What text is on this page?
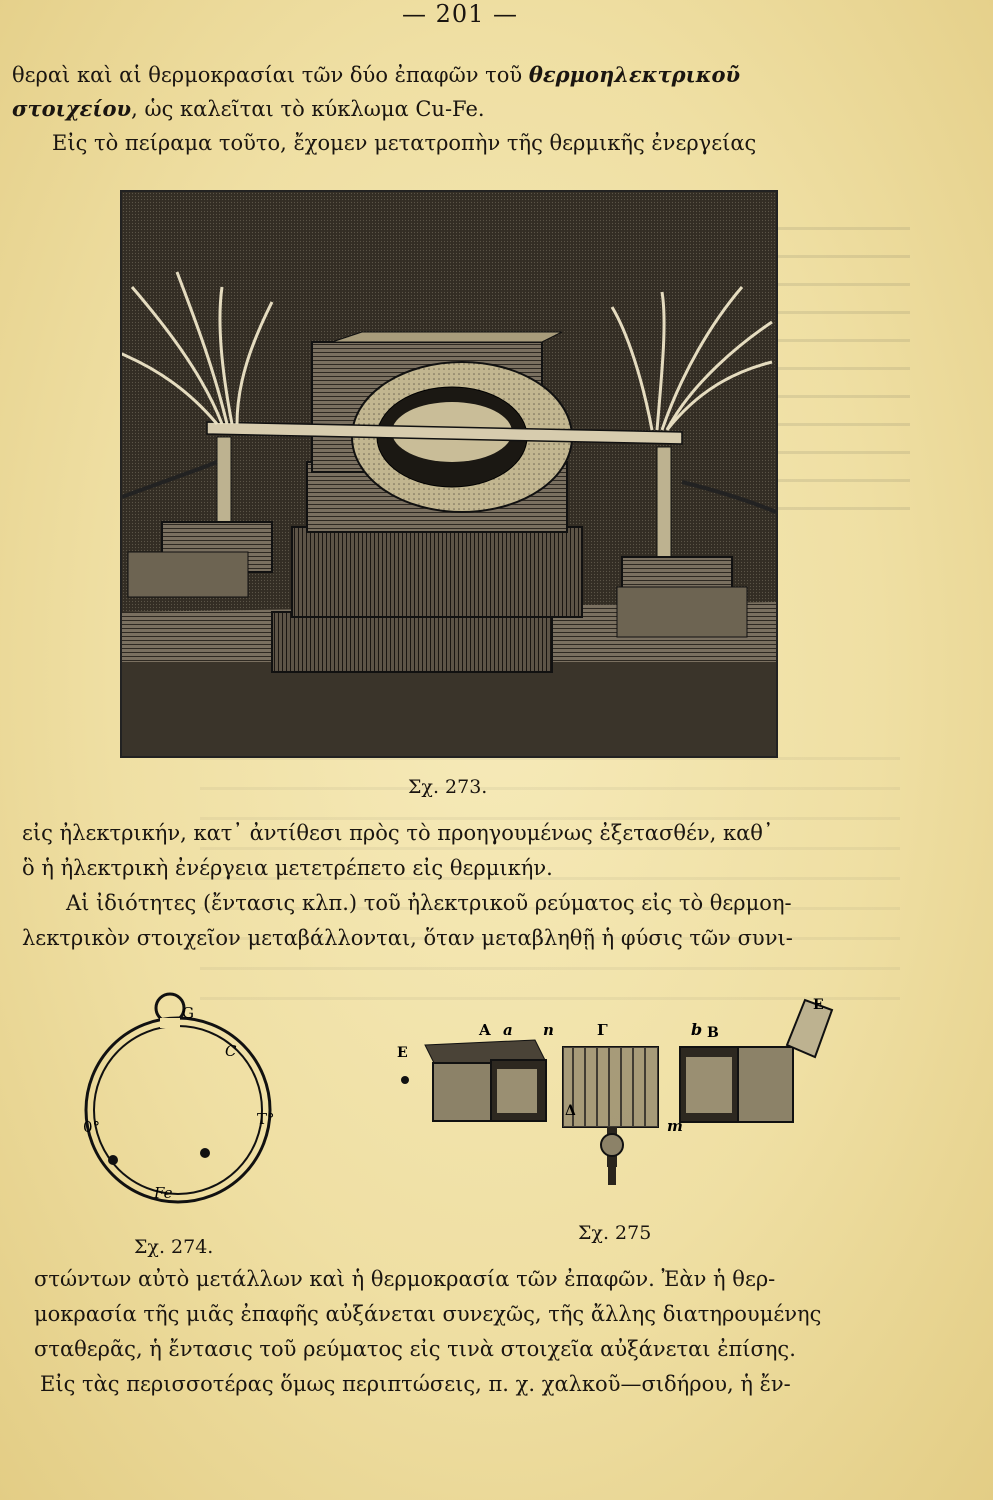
— 201 —
θεραὶ καὶ αἱ θερμοκρασίαι τῶν δύο ἐπαφῶν τοῦ θερμοηλεκτρικοῦ
στοιχείου, ὡς καλεῖται τὸ κύκλωμα Cu-Fe.
Εἰς τὸ πείραμα τοῦτο, ἔχομεν μετατροπὴν τῆς θερμικῆς ἐνεργείας
Σχ. 273.
εἰς ἠλεκτρικήν, κατ᾽ ἀντίθεσι πρὸς τὸ προηγουμένως ἐξετασθέν, καθ᾽
ὃ ἡ ἠλεκτρικὴ ἐνέργεια μετετρέπετο εἰς θερμικήν.
Αἱ ἰδιότητες (ἔντασις κλπ.) τοῦ ἠλεκτρικοῦ ρεύματος εἰς τὸ θερμοη-
λεκτρικὸν στοιχεῖον μεταβάλλονται, ὅταν μεταβληθῇ ἡ φύσις τῶν συνι-
G
C
0°	T°
Fe
Σχ. 274.
A a n	Γ	b B
E
E
Δ
m
Σχ. 275
στώντων αὐτὸ μετάλλων καὶ ἡ θερμοκρασία τῶν ἐπαφῶν. Ἐὰν ἡ θερ-
μοκρασία τῆς μιᾶς ἐπαφῆς αὐξάνεται συνεχῶς, τῆς ἄλλης διατηρουμένης
σταθερᾶς, ἡ ἔντασις τοῦ ρεύματος εἰς τινὰ στοιχεῖα αὐξάνεται ἐπίσης.
Εἰς τὰς περισσοτέρας ὅμως περιπτώσεις, π. χ. χαλκοῦ—σιδήρου, ἡ ἔν-
